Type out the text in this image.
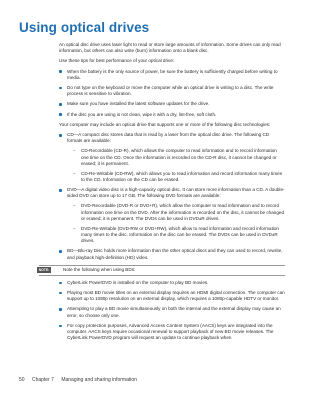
Using optical drives

An optical disc drive uses laser light to read or store large amounts of information. Some drives can only read information, but others can also write (burn) information onto a blank disc.

Use these tips for best performance of your optical drive:

When the battery is the only source of power, be sure the battery is sufficiently charged before writing to media.
Do not type on the keyboard or move the computer while an optical drive is writing to a disc. The write process is sensitive to vibration.
Make sure you have installed the latest software updates for the drive.
If the disc you are using is not clean, wipe it with a dry, lint-free, soft cloth.

Your computer may include an optical drive that supports one or more of the following disc technologies:

CD—A compact disc stores data that is read by a laser from the optical disc drive. The following CD formats are available:
– CD-Recordable (CD-R), which allows the computer to read information and to record information one time on the CD. Once the information is recorded on the CD-R disc, it cannot be changed or erased; it is permanent.
– CD-Re-Writable (CD-RW), which allows you to read information and record information many times to the CD. Information on the CD can be erased.
DVD—A digital video disc is a high-capacity optical disc. It can store more information than a CD. A double-sided DVD can store up to 17 GB. The following DVD formats are available:
– DVD-Recordable (DVD-R or DVD+R), which allow the computer to read information and to record information one time on the DVD. After the information is recorded on the disc, it cannot be changed or erased; it is permanent. The DVDs can be used in DVD±R drives.
– DVD-Re-Writable (DVD-RW or DVD+RW), which allow to read information and record information many times to the disc. Information on the disc can be erased. The DVDs can be used in DVD±R drives.
BD—Blu-ray Disc holds more information than the other optical discs and they can used to record, rewrite, and playback high-definition (HD) video.
NOTE:	Note the following when using BDs:
CyberLink PowerDVD is installed on the computer to play BD movies.
Playing most BD movie titles on an external display requires an HDMI digital connection. The computer can support up to 1080p resolution on an external display, which requires a 1080p-capable HDTV or monitor.
Attempting to play a BD movie simultaneously on both the internal and the external display may cause an error, so choose only one.
For copy protection purposes, Advanced Access Content System (AACS) keys are integrated into the computer. AACS keys require occasional renewal to support playback of new BD movie releases. The CyberLink PowerDVD program will request an update to continue playback when
50 Chapter 7 Managing and sharing information
